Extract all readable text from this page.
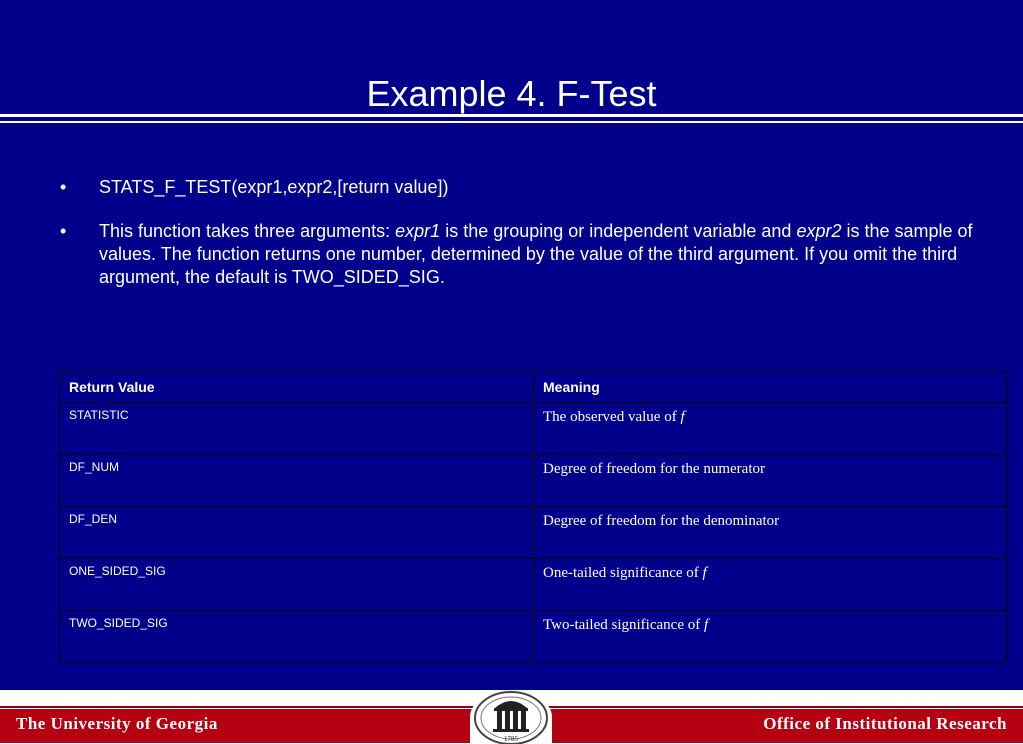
Example 4. F-Test
•	STATS_F_TEST(expr1,expr2,[return value])
•	This function takes three arguments: expr1 is the grouping or independent variable and expr2 is the sample of values. The function returns one number, determined by the value of the third argument. If you omit the third argument, the default is TWO_SIDED_SIG.
Return Value	Meaning
STATISTIC	The observed value of f
DF_NUM	Degree of freedom for the numerator
DF_DEN	Degree of freedom for the denominator
ONE_SIDED_SIG	One-tailed significance of f
TWO_SIDED_SIG	Two-tailed significance of f
The University of Georgia	Office of Institutional Research
1785
